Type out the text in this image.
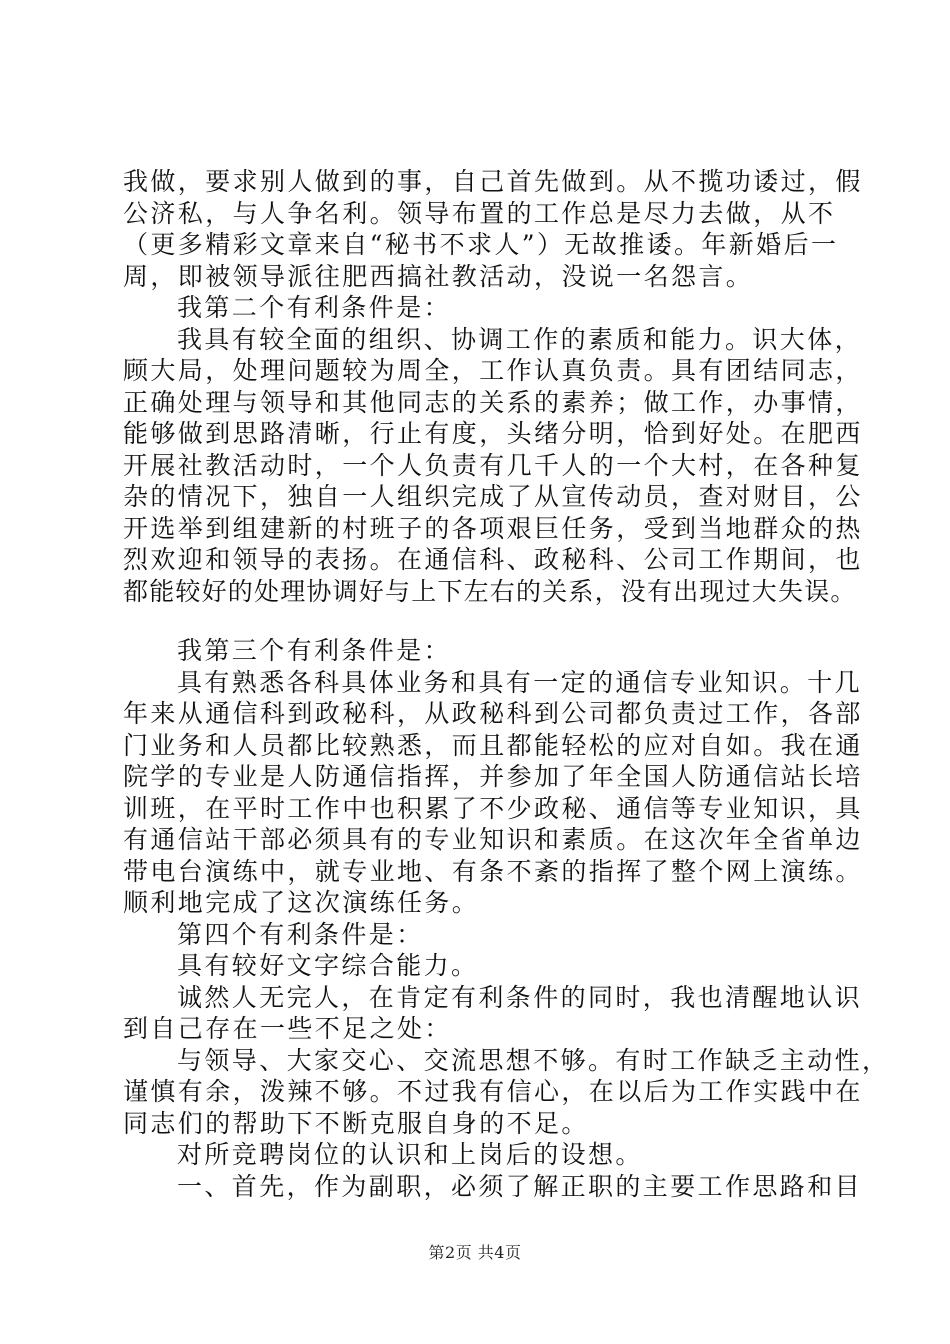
我做，要求别人做到的事，自己首先做到。从不揽功诿过，假
公济私，与人争名利。领导布置的工作总是尽力去做，从不
（更多精彩文章来自“秘书不求人”）无故推诿。年新婚后一
周，即被领导派往肥西搞社教活动，没说一名怨言。
我第二个有利条件是：
我具有较全面的组织、协调工作的素质和能力。识大体，
顾大局，处理问题较为周全，工作认真负责。具有团结同志，
正确处理与领导和其他同志的关系的素养；做工作，办事情，
能够做到思路清晰，行止有度，头绪分明，恰到好处。在肥西
开展社教活动时，一个人负责有几千人的一个大村，在各种复
杂的情况下，独自一人组织完成了从宣传动员，查对财目，公
开选举到组建新的村班子的各项艰巨任务，受到当地群众的热
烈欢迎和领导的表扬。在通信科、政秘科、公司工作期间，也
都能较好的处理协调好与上下左右的关系，没有出现过大失误。
我第三个有利条件是：
具有熟悉各科具体业务和具有一定的通信专业知识。十几
年来从通信科到政秘科，从政秘科到公司都负责过工作，各部
门业务和人员都比较熟悉，而且都能轻松的应对自如。我在通
院学的专业是人防通信指挥，并参加了年全国人防通信站长培
训班，在平时工作中也积累了不少政秘、通信等专业知识，具
有通信站干部必须具有的专业知识和素质。在这次年全省单边
带电台演练中，就专业地、有条不紊的指挥了整个网上演练。
顺利地完成了这次演练任务。
第四个有利条件是：
具有较好文字综合能力。
诚然人无完人，在肯定有利条件的同时，我也清醒地认识
到自己存在一些不足之处：
与领导、大家交心、交流思想不够。有时工作缺乏主动性，
谨慎有余，泼辣不够。不过我有信心，在以后为工作实践中在
同志们的帮助下不断克服自身的不足。
对所竞聘岗位的认识和上岗后的设想。
一、首先，作为副职，必须了解正职的主要工作思路和目
第2页 共4页
